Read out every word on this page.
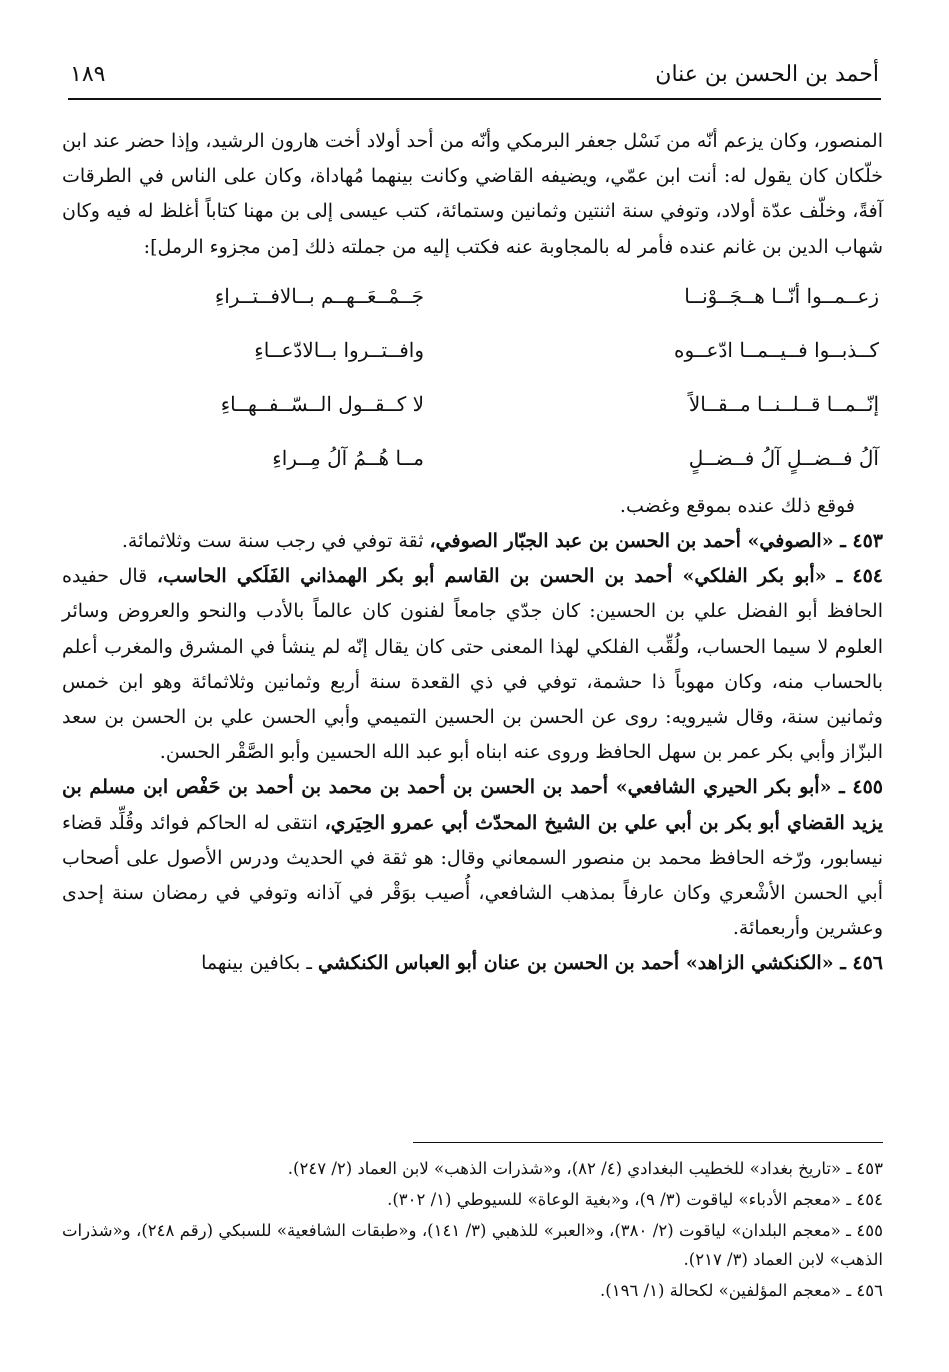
أحمد بن الحسن بن عنان
١٨٩

المنصور، وكان يزعم أنّه من نَسْل جعفر البرمكي وأنّه من أحد أولاد أخت هارون الرشيد، وإذا حضر عند ابن خلّكان كان يقول له: أنت ابن عمّي، ويضيفه القاضي وكانت بينهما مُهاداة، وكان على الناس في الطرقات آفةً، وخلّف عدّة أولاد، وتوفي سنة اثنتين وثمانين وستمائة، كتب عيسى إلى بن مهنا كتاباً أغلظ له فيه وكان شهاب الدين بن غانم عنده فأمر له بالمجاوبة عنه فكتب إليه من جملته ذلك [من مجزوء الرمل]:

زعــمــوا أنّــا هــجَــوْنــا
جَــمْــعَــهــم بــالافــتــراءِ
كــذبــوا فــيــمــا ادّعــوه
وافــتــروا بــالادّعــاءِ
إنّــمــا قــلــنــا مــقــالاً
لا كــقــول الــسّــفــهــاءِ
آلُ فــضــلٍ آلُ فــضــلٍ
مــا هُــمُ آلُ مِــراءِ

فوقع ذلك عنده بموقع وغضب.

٤٥٣ ـ «الصوفي» أحمد بن الحسن بن عبد الجبّار الصوفي، ثقة توفي في رجب سنة ست وثلاثمائة.

٤٥٤ ـ «أبو بكر الفلكي» أحمد بن الحسن بن القاسم أبو بكر الهمذاني الفَلَكي الحاسب، قال حفيده الحافظ أبو الفضل علي بن الحسين: كان جدّي جامعاً لفنون كان عالماً بالأدب والنحو والعروض وسائر العلوم لا سيما الحساب، ولُقِّب الفلكي لهذا المعنى حتى كان يقال إنّه لم ينشأ في المشرق والمغرب أعلم بالحساب منه، وكان مهوباً ذا حشمة، توفي في ذي القعدة سنة أربع وثمانين وثلاثمائة وهو ابن خمس وثمانين سنة، وقال شيرويه: روى عن الحسن بن الحسين التميمي وأبي الحسن علي بن الحسن بن سعد البزّاز وأبي بكر عمر بن سهل الحافظ وروى عنه ابناه أبو عبد الله الحسين وأبو الصَّقْر الحسن.

٤٥٥ ـ «أبو بكر الحيري الشافعي» أحمد بن الحسن بن أحمد بن محمد بن أحمد بن حَفْص ابن مسلم بن يزيد القضاي أبو بكر بن أبي علي بن الشيخ المحدّث أبي عمرو الحِيَري، انتقى له الحاكم فوائد وقُلِّد قضاء نيسابور، ورّخه الحافظ محمد بن منصور السمعاني وقال: هو ثقة في الحديث ودرس الأصول على أصحاب أبي الحسن الأشْعري وكان عارفاً بمذهب الشافعي، أُصيب بوَقْر في آذانه وتوفي في رمضان سنة إحدى وعشرين وأربعمائة.

٤٥٦ ـ «الكنكشي الزاهد» أحمد بن الحسن بن عنان أبو العباس الكنكشي ـ بكافين بينهما

٤٥٣ ـ «تاريخ بغداد» للخطيب البغدادي (٤/ ٨٢)، و«شذرات الذهب» لابن العماد (٢/ ٢٤٧).

٤٥٤ ـ «معجم الأدباء» لياقوت (٣/ ٩)، و«بغية الوعاة» للسيوطي (١/ ٣٠٢).

٤٥٥ ـ «معجم البلدان» لياقوت (٢/ ٣٨٠)، و«العبر» للذهبي (٣/ ١٤١)، و«طبقات الشافعية» للسبكي (رقم ٢٤٨)، و«شذرات الذهب» لابن العماد (٣/ ٢١٧).

٤٥٦ ـ «معجم المؤلفين» لكحالة (١/ ١٩٦).
